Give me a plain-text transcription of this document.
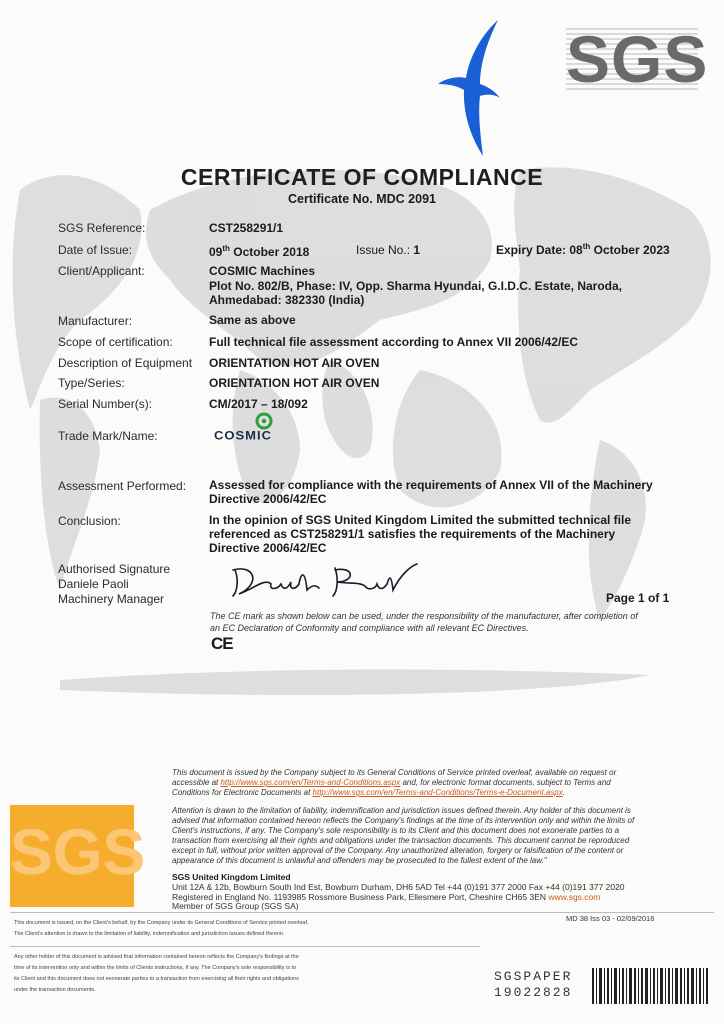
SGS
CERTIFICATE OF COMPLIANCE
Certificate No. MDC 2091
SGS Reference:	CST258291/1
Date of Issue:	09th October 2018	Issue No.: 1	Expiry Date: 08th October 2023
Client/Applicant:	COSMIC Machines
Plot No. 802/B, Phase: IV, Opp. Sharma Hyundai, G.I.D.C. Estate, Naroda,
Ahmedabad: 382330 (India)
Manufacturer:	Same as above
Scope of certification:	Full technical file assessment according to Annex VII 2006/42/EC
Description of Equipment ORIENTATION HOT AIR OVEN
Type/Series:	ORIENTATION HOT AIR OVEN
Serial Number(s):	CM/2017 – 18/092
Trade Mark/Name:	COSMIC
Assessment Performed: Assessed for compliance with the requirements of Annex VII of the Machinery
Directive 2006/42/EC
Conclusion:	In the opinion of SGS United Kingdom Limited the submitted technical file
referenced as CST258291/1 satisfies the requirements of the Machinery
Directive 2006/42/EC
Authorised Signature
Daniele Paoli
Machinery Manager	Page 1 of 1
The CE mark as shown below can be used, under the responsibility of the manufacturer, after completion of
an EC Declaration of Conformity and compliance with all relevant EC Directives.
CE
This document is issued by the Company subject to its General Conditions of Service printed overleaf, available on request or
accessible at http://www.sgs.com/en/Terms-and-Conditions.aspx and, for electronic format documents, subject to Terms and
Conditions for Electronic Documents at http://www.sgs.com/en/Terms-and-Conditions/Terms-e-Document.aspx.
Attention is drawn to the limitation of liability, indemnification and jurisdiction issues defined therein. Any holder of this document is
advised that information contained hereon reflects the Company's findings at the time of its intervention only and within the limits of
Client's instructions, if any. The Company's sole responsibility is to its Client and this document does not exonerate parties to a
transaction from exercising all their rights and obligations under the transaction documents. This document cannot be reproduced
except in full, without prior written approval of the Company. Any unauthorized alteration, forgery or falsification of the content or
appearance of this document is unlawful and offenders may be prosecuted to the fullest extent of the law."
SGS United Kingdom Limited
Unit 12A & 12b, Bowburn South Ind Est, Bowburn Durham, DH6 5AD Tel +44 (0)191 377 2000 Fax +44 (0)191 377 2020
Registered in England No. 1193985 Rossmore Business Park, Ellesmere Port, Cheshire CH65 3EN www.sgs.com
Member of SGS Group (SGS SA)
SGS
MD 38 Iss 03 - 02/09/2016
This document is issued, on the Client's behalf, by the Company under its General Conditions of Service printed overleaf.
The Client's attention is drawn to the limitation of liability, indemnification and jurisdiction issues defined therein.
Any other holder of this document is advised that information contained hereon reflects the Company's findings at the
time of its intervention only and within the limits of Clients instructions, if any. The Company's sole responsibility is to
its Client and this document does not exonerate parties to a transaction from exercising all their rights and obligations
under the transaction documents.
SGSPAPER
19022828
